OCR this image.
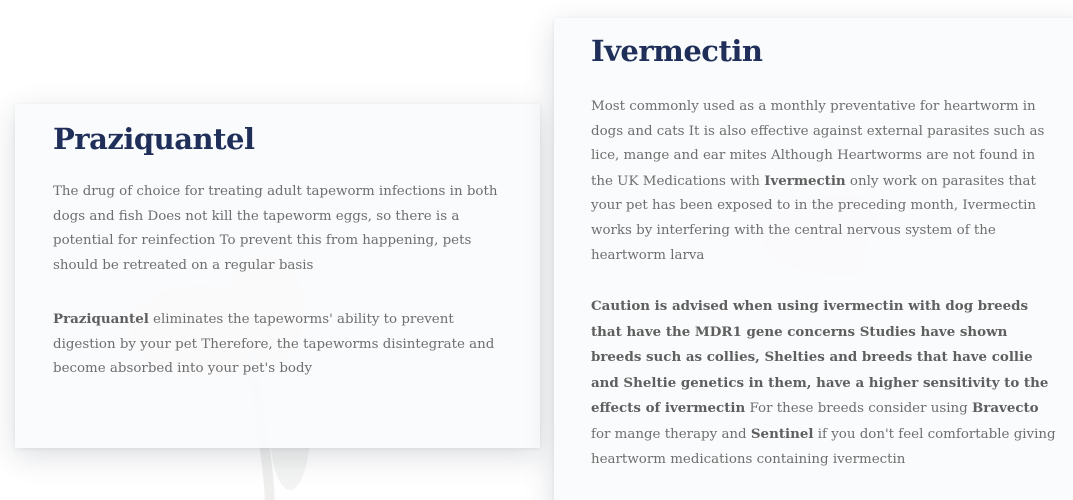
Praziquantel

The drug of choice for treating adult tapeworm infections in both dogs and fish Does not kill the tapeworm eggs, so there is a potential for reinfection To prevent this from happening, pets should be retreated on a regular basis

Praziquantel eliminates the tapeworms' ability to prevent digestion by your pet Therefore, the tapeworms disintegrate and become absorbed into your pet's body

Ivermectin

Most commonly used as a monthly preventative for heartworm in dogs and cats It is also effective against external parasites such as lice, mange and ear mites Although Heartworms are not found in the UK Medications with Ivermectin only work on parasites that your pet has been exposed to in the preceding month, Ivermectin works by interfering with the central nervous system of the heartworm larva

Caution is advised when using ivermectin with dog breeds that have the MDR1 gene concerns Studies have shown breeds such as collies, Shelties and breeds that have collie and Sheltie genetics in them, have a higher sensitivity to the effects of ivermectin For these breeds consider using Bravecto for mange therapy and Sentinel if you don't feel comfortable giving heartworm medications containing ivermectin
